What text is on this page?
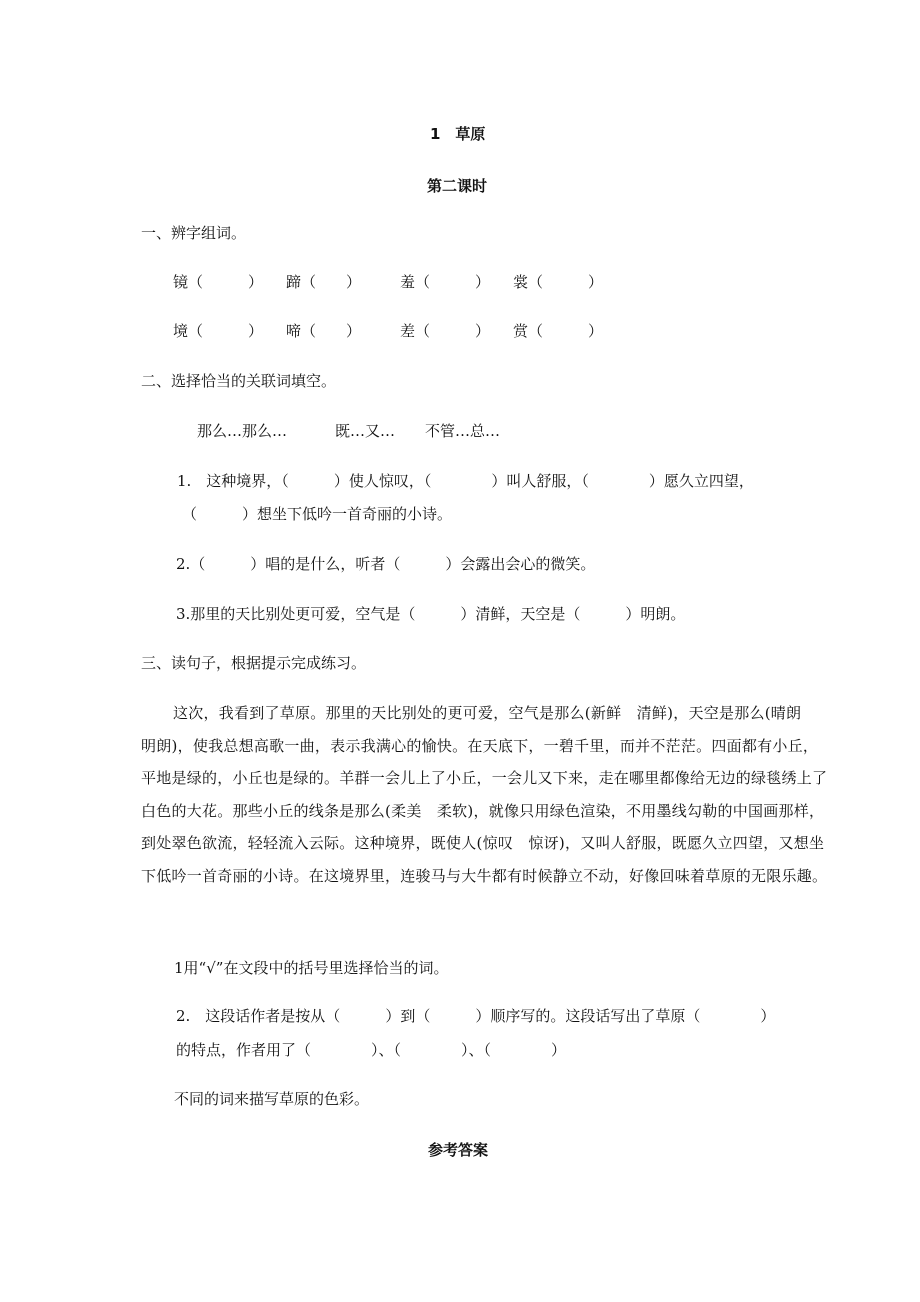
1　草原
第二课时
一、辨字组词。
镜（　　　） 蹄（　　）	羞（　　　） 裳（　　　）
境（　　　） 啼（　　）	差（　　　） 赏（　　　）
二、选择恰当的关联词填空。
那么…那么…	既…又… 不管…总…
1.　这种境界，（　　　）使人惊叹，（　　　　）叫人舒服，（　　　　）愿久立四望，
（　　　）想坐下低吟一首奇丽的小诗。
2.（　　　）唱的是什么，听者（　　　）会露出会心的微笑。
3.那里的天比别处更可爱，空气是（　　　）清鲜，天空是（　　　）明朗。
三、读句子，根据提示完成练习。

这次，我看到了草原。那里的天比别处的更可爱，空气是那么(新鲜　清鲜)，天空是那么(晴朗　明朗)，使我总想高歌一曲，表示我满心的愉快。在天底下，一碧千里，而并不茫茫。四面都有小丘，平地是绿的，小丘也是绿的。羊群一会儿上了小丘，一会儿又下来，走在哪里都像给无边的绿毯绣上了白色的大花。那些小丘的线条是那么(柔美　柔软)，就像只用绿色渲染，不用墨线勾勒的中国画那样，到处翠色欲流，轻轻流入云际。这种境界，既使人(惊叹　惊讶)，又叫人舒服，既愿久立四望，又想坐下低吟一首奇丽的小诗。在这境界里，连骏马与大牛都有时候静立不动，好像回味着草原的无限乐趣。

1用“√”在文段中的括号里选择恰当的词。
2.　这段话作者是按从（　　　）到（　　　）顺序写的。这段话写出了草原（　　　　）
的特点，作者用了（　　　　）、（　　　　）、（　　　　）
不同的词来描写草原的色彩。
参考答案
